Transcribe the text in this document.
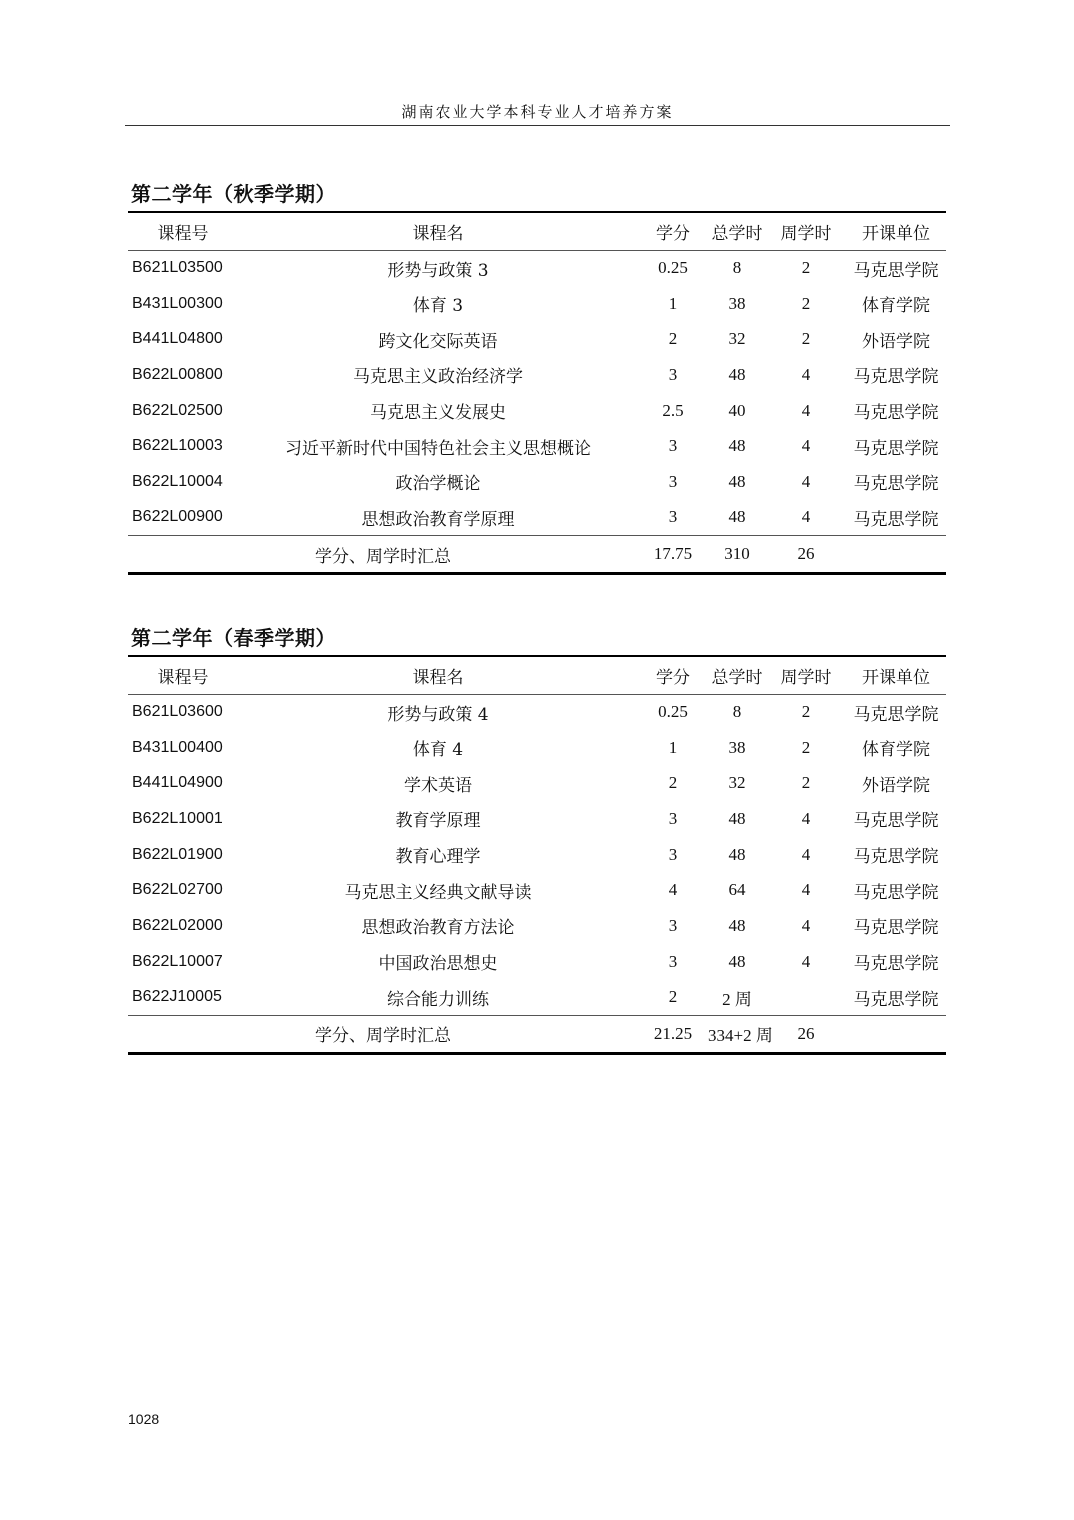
湖南农业大学本科专业人才培养方案
第二学年（秋季学期）
课程号	课程名	学分	总学时	周学时	开课单位
B621L03500	形势与政策 3	0.25	8	2	马克思学院
B431L00300	体育 3	1	38	2	体育学院
B441L04800	跨文化交际英语	2	32	2	外语学院
B622L00800	马克思主义政治经济学	3	48	4	马克思学院
B622L02500	马克思主义发展史	2.5	40	4	马克思学院
B622L10003	习近平新时代中国特色社会主义思想概论	3	48	4	马克思学院
B622L10004	政治学概论	3	48	4	马克思学院
B622L00900	思想政治教育学原理	3	48	4	马克思学院
学分、周学时汇总		17.75	310	26	
第二学年（春季学期）
课程号	课程名	学分	总学时	周学时	开课单位
B621L03600	形势与政策 4	0.25	8	2	马克思学院
B431L00400	体育 4	1	38	2	体育学院
B441L04900	学术英语	2	32	2	外语学院
B622L10001	教育学原理	3	48	4	马克思学院
B622L01900	教育心理学	3	48	4	马克思学院
B622L02700	马克思主义经典文献导读	4	64	4	马克思学院
B622L02000	思想政治教育方法论	3	48	4	马克思学院
B622L10007	中国政治思想史	3	48	4	马克思学院
B622J10005	综合能力训练	2	2 周		马克思学院
学分、周学时汇总		21.25	334+2 周	26	
1028
